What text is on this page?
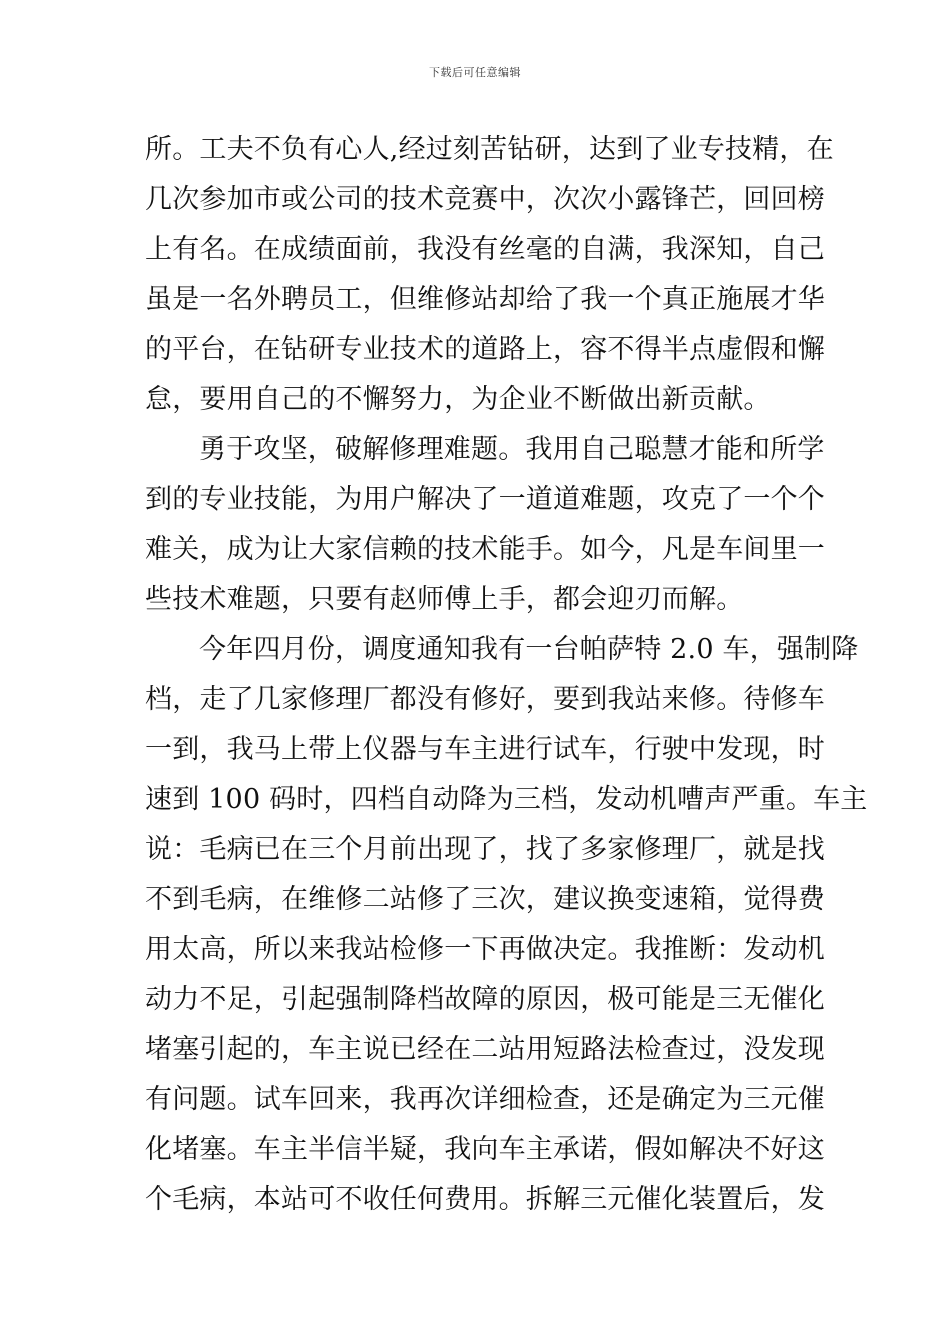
下载后可任意编辑
所。工夫不负有心人,经过刻苦钻研，达到了业专技精，在
几次参加市或公司的技术竞赛中，次次小露锋芒，回回榜
上有名。在成绩面前，我没有丝毫的自满，我深知，自己
虽是一名外聘员工，但维修站却给了我一个真正施展才华
的平台，在钻研专业技术的道路上，容不得半点虚假和懈
怠，要用自己的不懈努力，为企业不断做出新贡献。
勇于攻坚，破解修理难题。我用自己聪慧才能和所学
到的专业技能，为用户解决了一道道难题，攻克了一个个
难关，成为让大家信赖的技术能手。如今，凡是车间里一
些技术难题，只要有赵师傅上手，都会迎刃而解。
今年四月份，调度通知我有一台帕萨特 2.0 车，强制降
档，走了几家修理厂都没有修好，要到我站来修。待修车
一到，我马上带上仪器与车主进行试车，行驶中发现，时
速到 100 码时，四档自动降为三档，发动机嘈声严重。车主
说：毛病已在三个月前出现了，找了多家修理厂，就是找
不到毛病，在维修二站修了三次，建议换变速箱，觉得费
用太高，所以来我站检修一下再做决定。我推断：发动机
动力不足，引起强制降档故障的原因，极可能是三无催化
堵塞引起的，车主说已经在二站用短路法检查过，没发现
有问题。试车回来，我再次详细检查，还是确定为三元催
化堵塞。车主半信半疑，我向车主承诺，假如解决不好这
个毛病，本站可不收任何费用。拆解三元催化装置后，发
